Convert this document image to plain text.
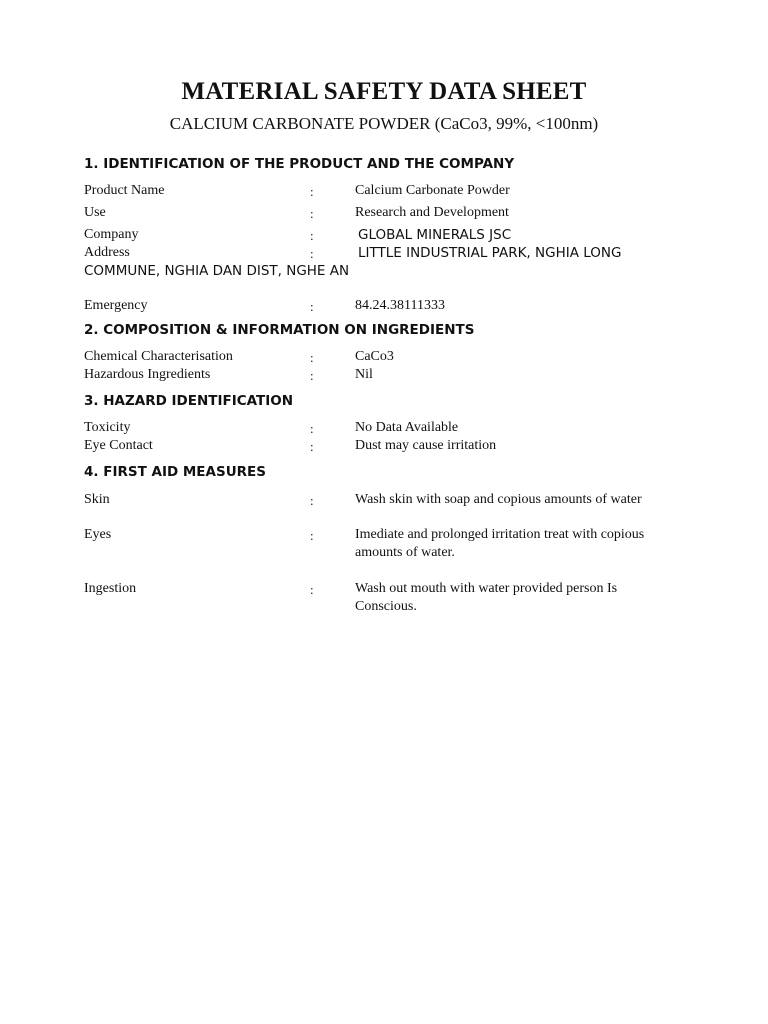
MATERIAL SAFETY DATA SHEET
CALCIUM CARBONATE POWDER (CaCo3, 99%, <100nm)
1. IDENTIFICATION OF THE PRODUCT AND THE COMPANY
Product Name	:	Calcium Carbonate Powder
Use	:	Research and Development
Company	:	GLOBAL MINERALS JSC
Address	:	LITTLE INDUSTRIAL PARK, NGHIA LONG
COMMUNE, NGHIA DAN DIST, NGHE AN
Emergency	:	84.24.38111333
2. COMPOSITION & INFORMATION ON INGREDIENTS
Chemical Characterisation	:	CaCo3
Hazardous Ingredients	:	Nil
3. HAZARD IDENTIFICATION
Toxicity	:	No Data Available
Eye Contact	:	Dust may cause irritation
4. FIRST AID MEASURES
Skin	:	Wash skin with soap and copious amounts of water
Eyes	:	Imediate and prolonged irritation treat with copious amounts of water.
Ingestion	:	Wash out mouth with water provided person Is Conscious.
